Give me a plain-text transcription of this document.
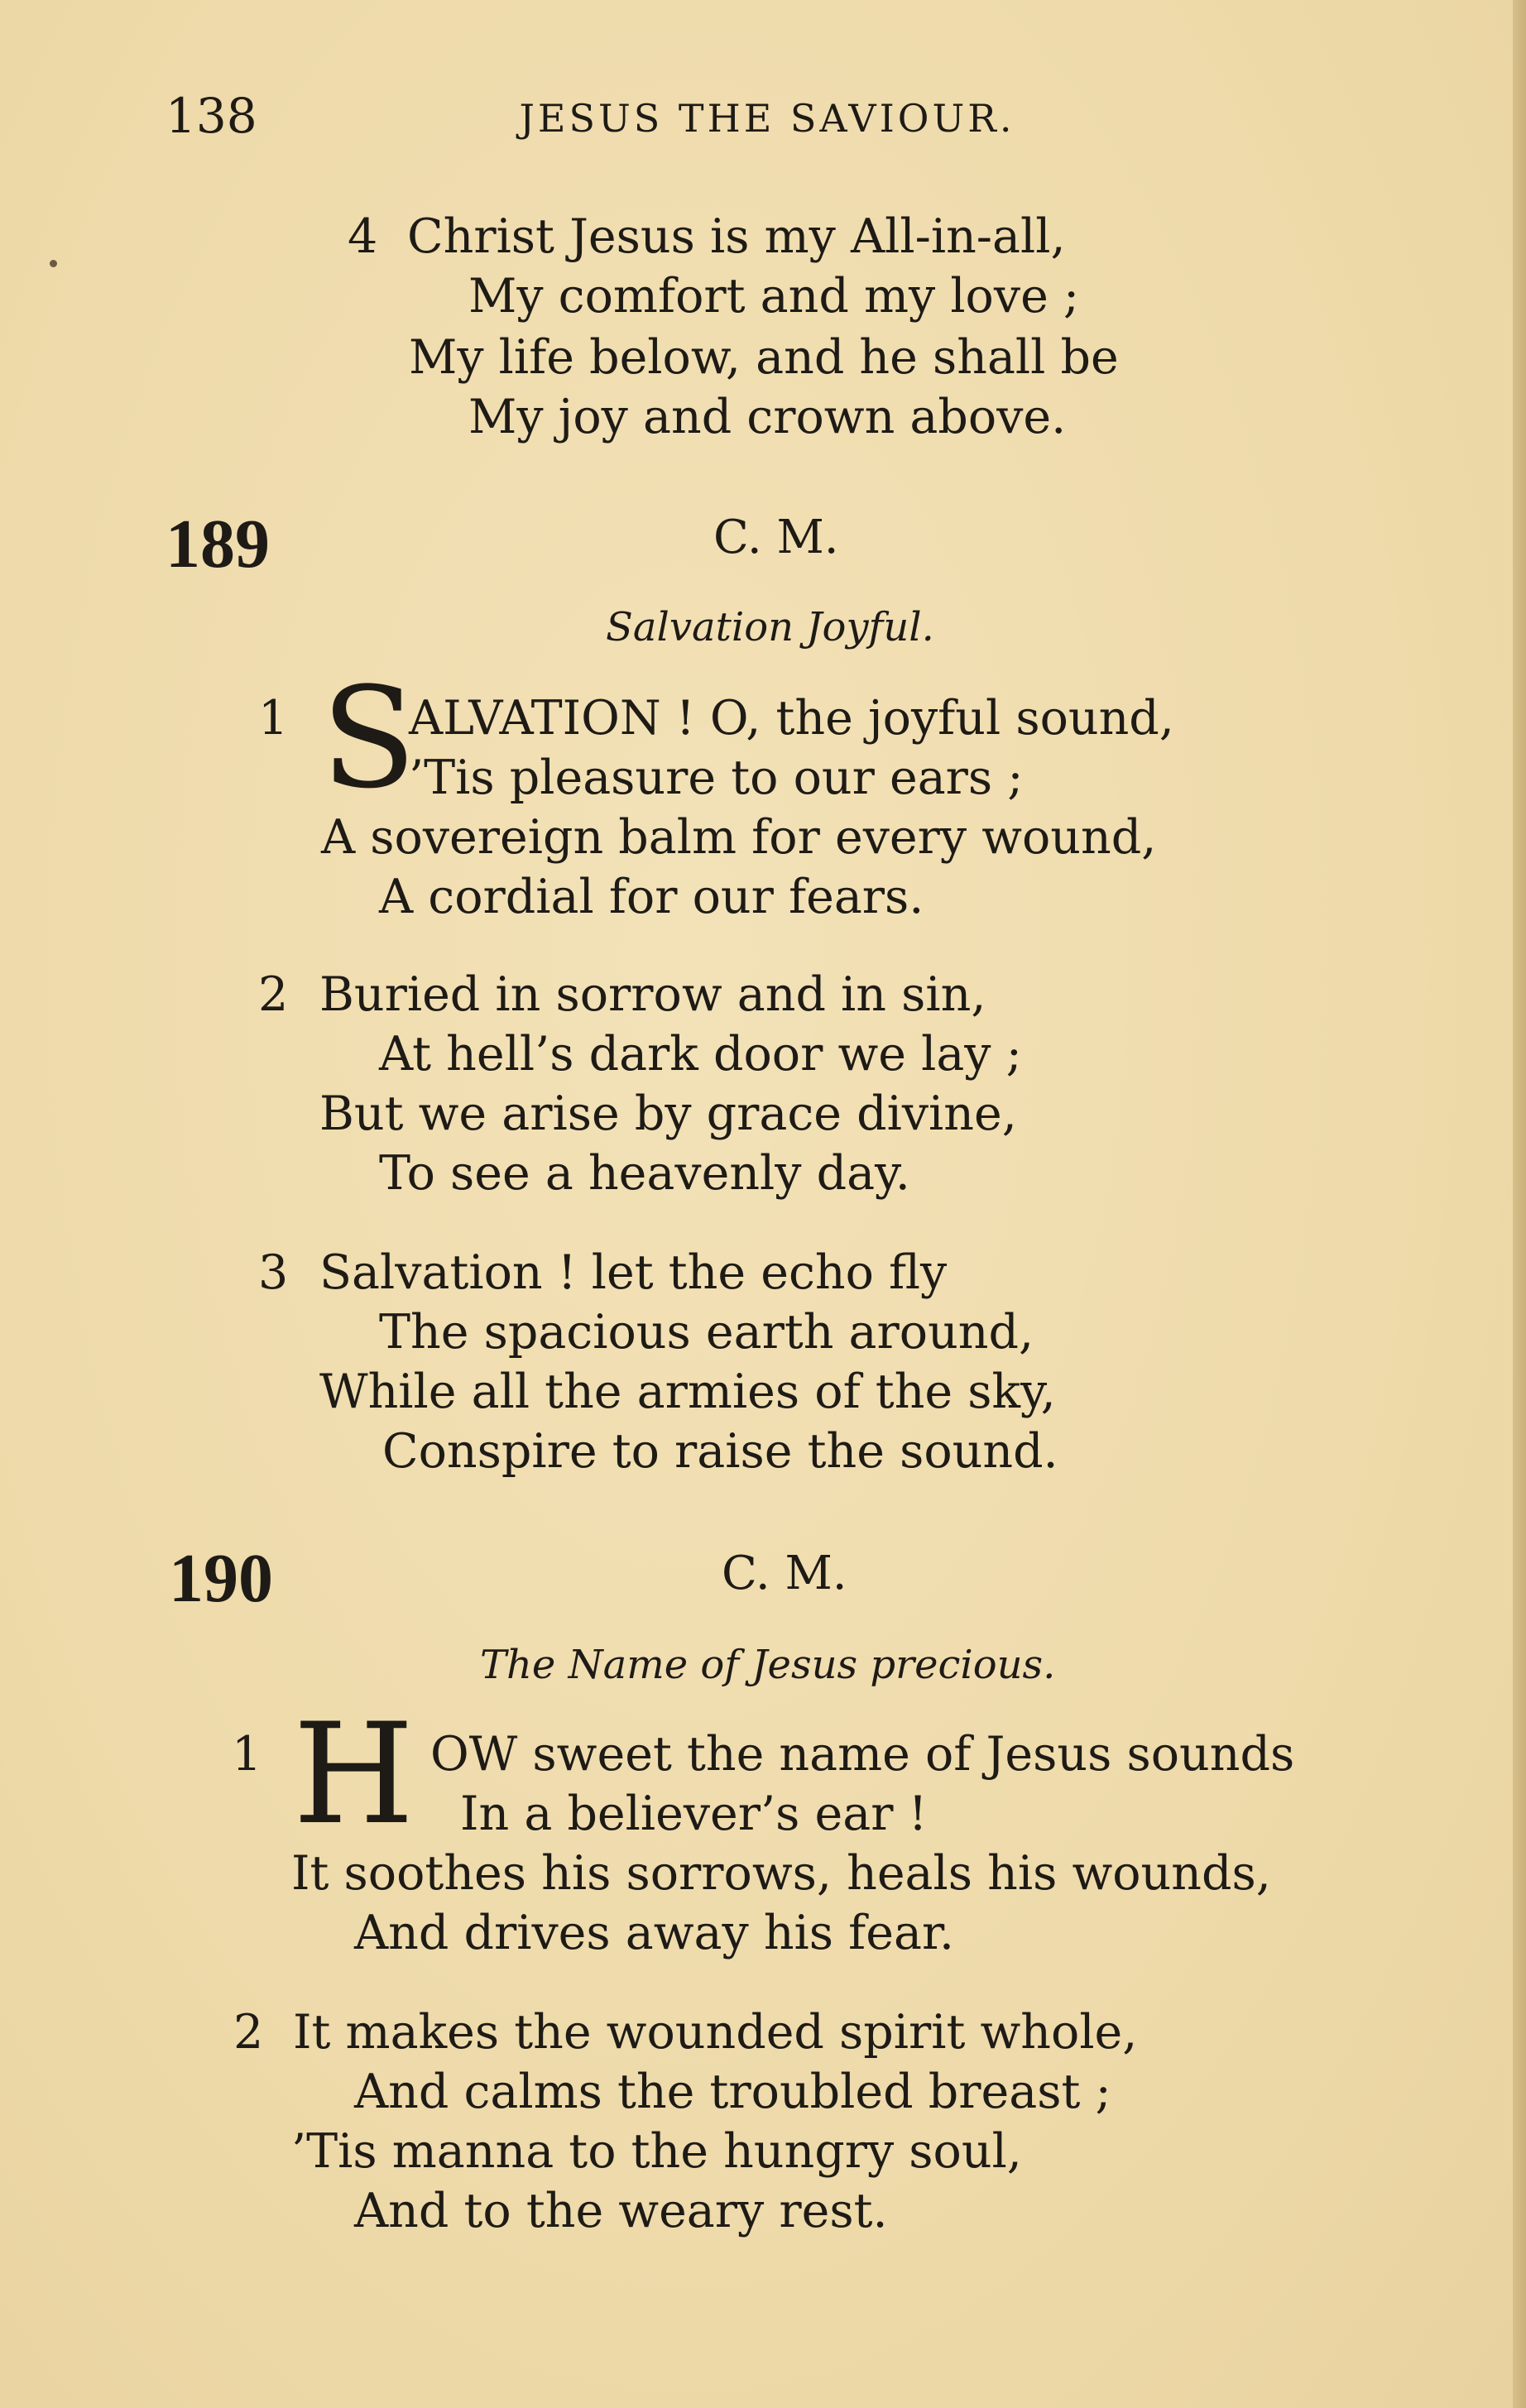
138	JESUS THE SAVIOUR.
4 Christ Jesus is my All-in-all,
My comfort and my love ;
My life below, and he shall be
My joy and crown above.
189	C. M.
Salvation Joyful.
1 S
ALVATION ! O, the joyful sound,
’Tis pleasure to our ears ;
A sovereign balm for every wound,
A cordial for our fears.
2 Buried in sorrow and in sin,
At hell’s dark door we lay ;
But we arise by grace divine,
To see a heavenly day.
3 Salvation ! let the echo fly
The spacious earth around,
While all the armies of the sky,
Conspire to raise the sound.
190	C. M.
The Name of Jesus precious.
1 H OW sweet the name of Jesus sounds
In a believer’s ear !
It soothes his sorrows, heals his wounds,
And drives away his fear.
2 It makes the wounded spirit whole,
And calms the troubled breast ;
’Tis manna to the hungry soul,
And to the weary rest.
